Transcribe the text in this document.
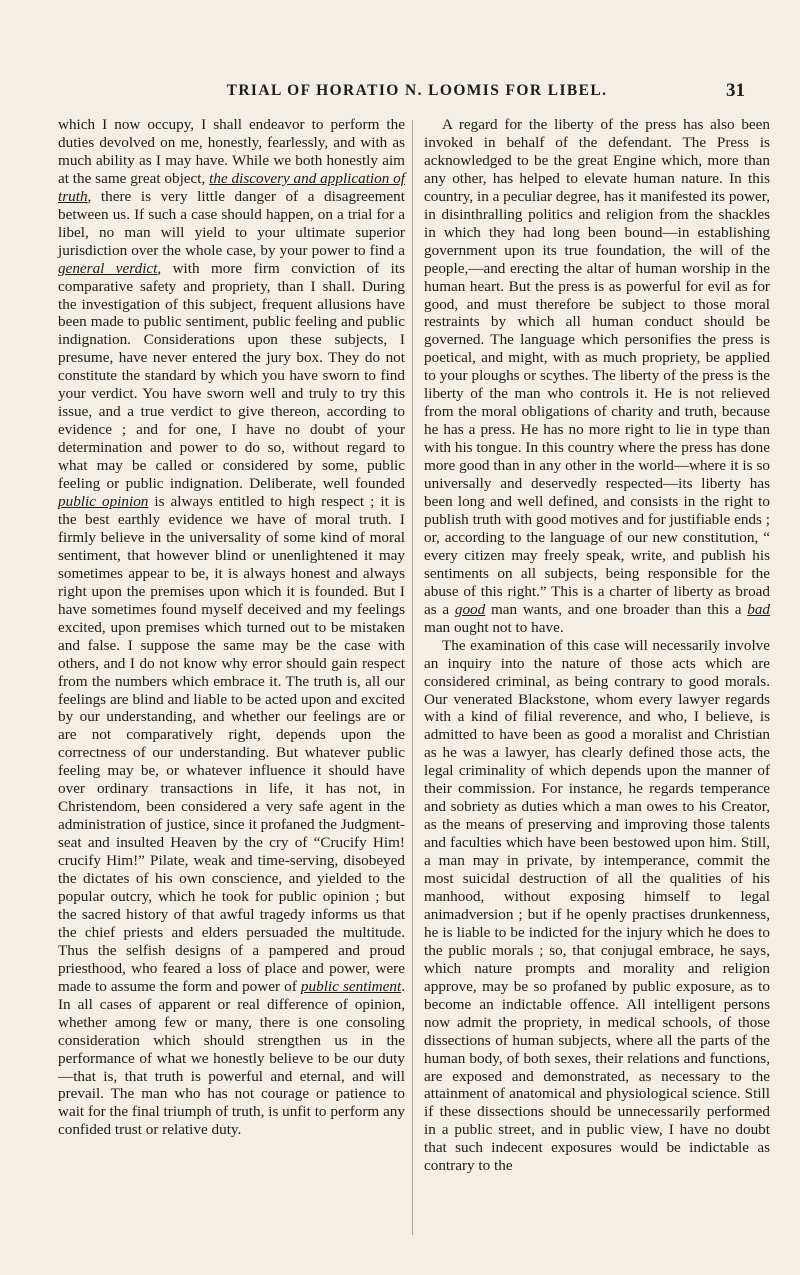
TRIAL OF HORATIO N. LOOMIS FOR LIBEL.	31

which I now occupy, I shall endeavor to perform the duties devolved on me, honestly, fearlessly, and with as much ability as I may have. While we both honestly aim at the same great object, the discovery and application of truth, there is very little danger of a disagreement between us. If such a case should happen, on a trial for a libel, no man will yield to your ultimate superior jurisdiction over the whole case, by your power to find a general verdict, with more firm conviction of its comparative safety and propriety, than I shall. During the investigation of this subject, frequent allusions have been made to public sentiment, public feeling and public indignation. Considerations upon these subjects, I presume, have never entered the jury box. They do not constitute the standard by which you have sworn to find your verdict. You have sworn well and truly to try this issue, and a true verdict to give thereon, according to evidence ; and for one, I have no doubt of your determination and power to do so, without regard to what may be called or considered by some, public feeling or public indignation. Deliberate, well founded public opinion is always entitled to high respect ; it is the best earthly evidence we have of moral truth. I firmly believe in the universality of some kind of moral sentiment, that however blind or unenlightened it may sometimes appear to be, it is always honest and always right upon the premises upon which it is founded. But I have sometimes found myself deceived and my feelings excited, upon premises which turned out to be mistaken and false. I suppose the same may be the case with others, and I do not know why error should gain respect from the numbers which embrace it. The truth is, all our feelings are blind and liable to be acted upon and excited by our understanding, and whether our feelings are or are not comparatively right, depends upon the correctness of our understanding. But whatever public feeling may be, or whatever influence it should have over ordinary transactions in life, it has not, in Christendom, been considered a very safe agent in the administration of justice, since it profaned the Judgment-seat and insulted Heaven by the cry of “Crucify Him! crucify Him!” Pilate, weak and time-serving, disobeyed the dictates of his own conscience, and yielded to the popular outcry, which he took for public opinion ; but the sacred history of that awful tragedy informs us that the chief priests and elders persuaded the multitude. Thus the selfish designs of a pampered and proud priesthood, who feared a loss of place and power, were made to assume the form and power of public sentiment. In all cases of apparent or real difference of opinion, whether among few or many, there is one consoling consideration which should strengthen us in the performance of what we honestly believe to be our duty—that is, that truth is powerful and eternal, and will prevail. The man who has not courage or patience to wait for the final triumph of truth, is unfit to perform any confided trust or relative duty.

A regard for the liberty of the press has also been invoked in behalf of the defendant. The Press is acknowledged to be the great Engine which, more than any other, has helped to elevate human nature. In this country, in a peculiar degree, has it manifested its power, in disinthralling politics and religion from the shackles in which they had long been bound—in establishing government upon its true foundation, the will of the people,—and erecting the altar of human worship in the human heart. But the press is as powerful for evil as for good, and must therefore be subject to those moral restraints by which all human conduct should be governed. The language which personifies the press is poetical, and might, with as much propriety, be applied to your ploughs or scythes. The liberty of the press is the liberty of the man who controls it. He is not relieved from the moral obligations of charity and truth, because he has a press. He has no more right to lie in type than with his tongue. In this country where the press has done more good than in any other in the world—where it is so universally and deservedly respected—its liberty has been long and well defined, and consists in the right to publish truth with good motives and for justifiable ends ; or, according to the language of our new constitution, “ every citizen may freely speak, write, and publish his sentiments on all subjects, being responsible for the abuse of this right.” This is a charter of liberty as broad as a good man wants, and one broader than this a bad man ought not to have.

The examination of this case will necessarily involve an inquiry into the nature of those acts which are considered criminal, as being contrary to good morals. Our venerated Blackstone, whom every lawyer regards with a kind of filial reverence, and who, I believe, is admitted to have been as good a moralist and Christian as he was a lawyer, has clearly defined those acts, the legal criminality of which depends upon the manner of their commission. For instance, he regards temperance and sobriety as duties which a man owes to his Creator, as the means of preserving and improving those talents and faculties which have been bestowed upon him. Still, a man may in private, by intemperance, commit the most suicidal destruction of all the qualities of his manhood, without exposing himself to legal animadversion ; but if he openly practises drunkenness, he is liable to be indicted for the injury which he does to the public morals ; so, that conjugal embrace, he says, which nature prompts and morality and religion approve, may be so profaned by public exposure, as to become an indictable offence. All intelligent persons now admit the propriety, in medical schools, of those dissections of human subjects, where all the parts of the human body, of both sexes, their relations and functions, are exposed and demonstrated, as necessary to the attainment of anatomical and physiological science. Still if these dissections should be unnecessarily performed in a public street, and in public view, I have no doubt that such indecent exposures would be indictable as contrary to the
